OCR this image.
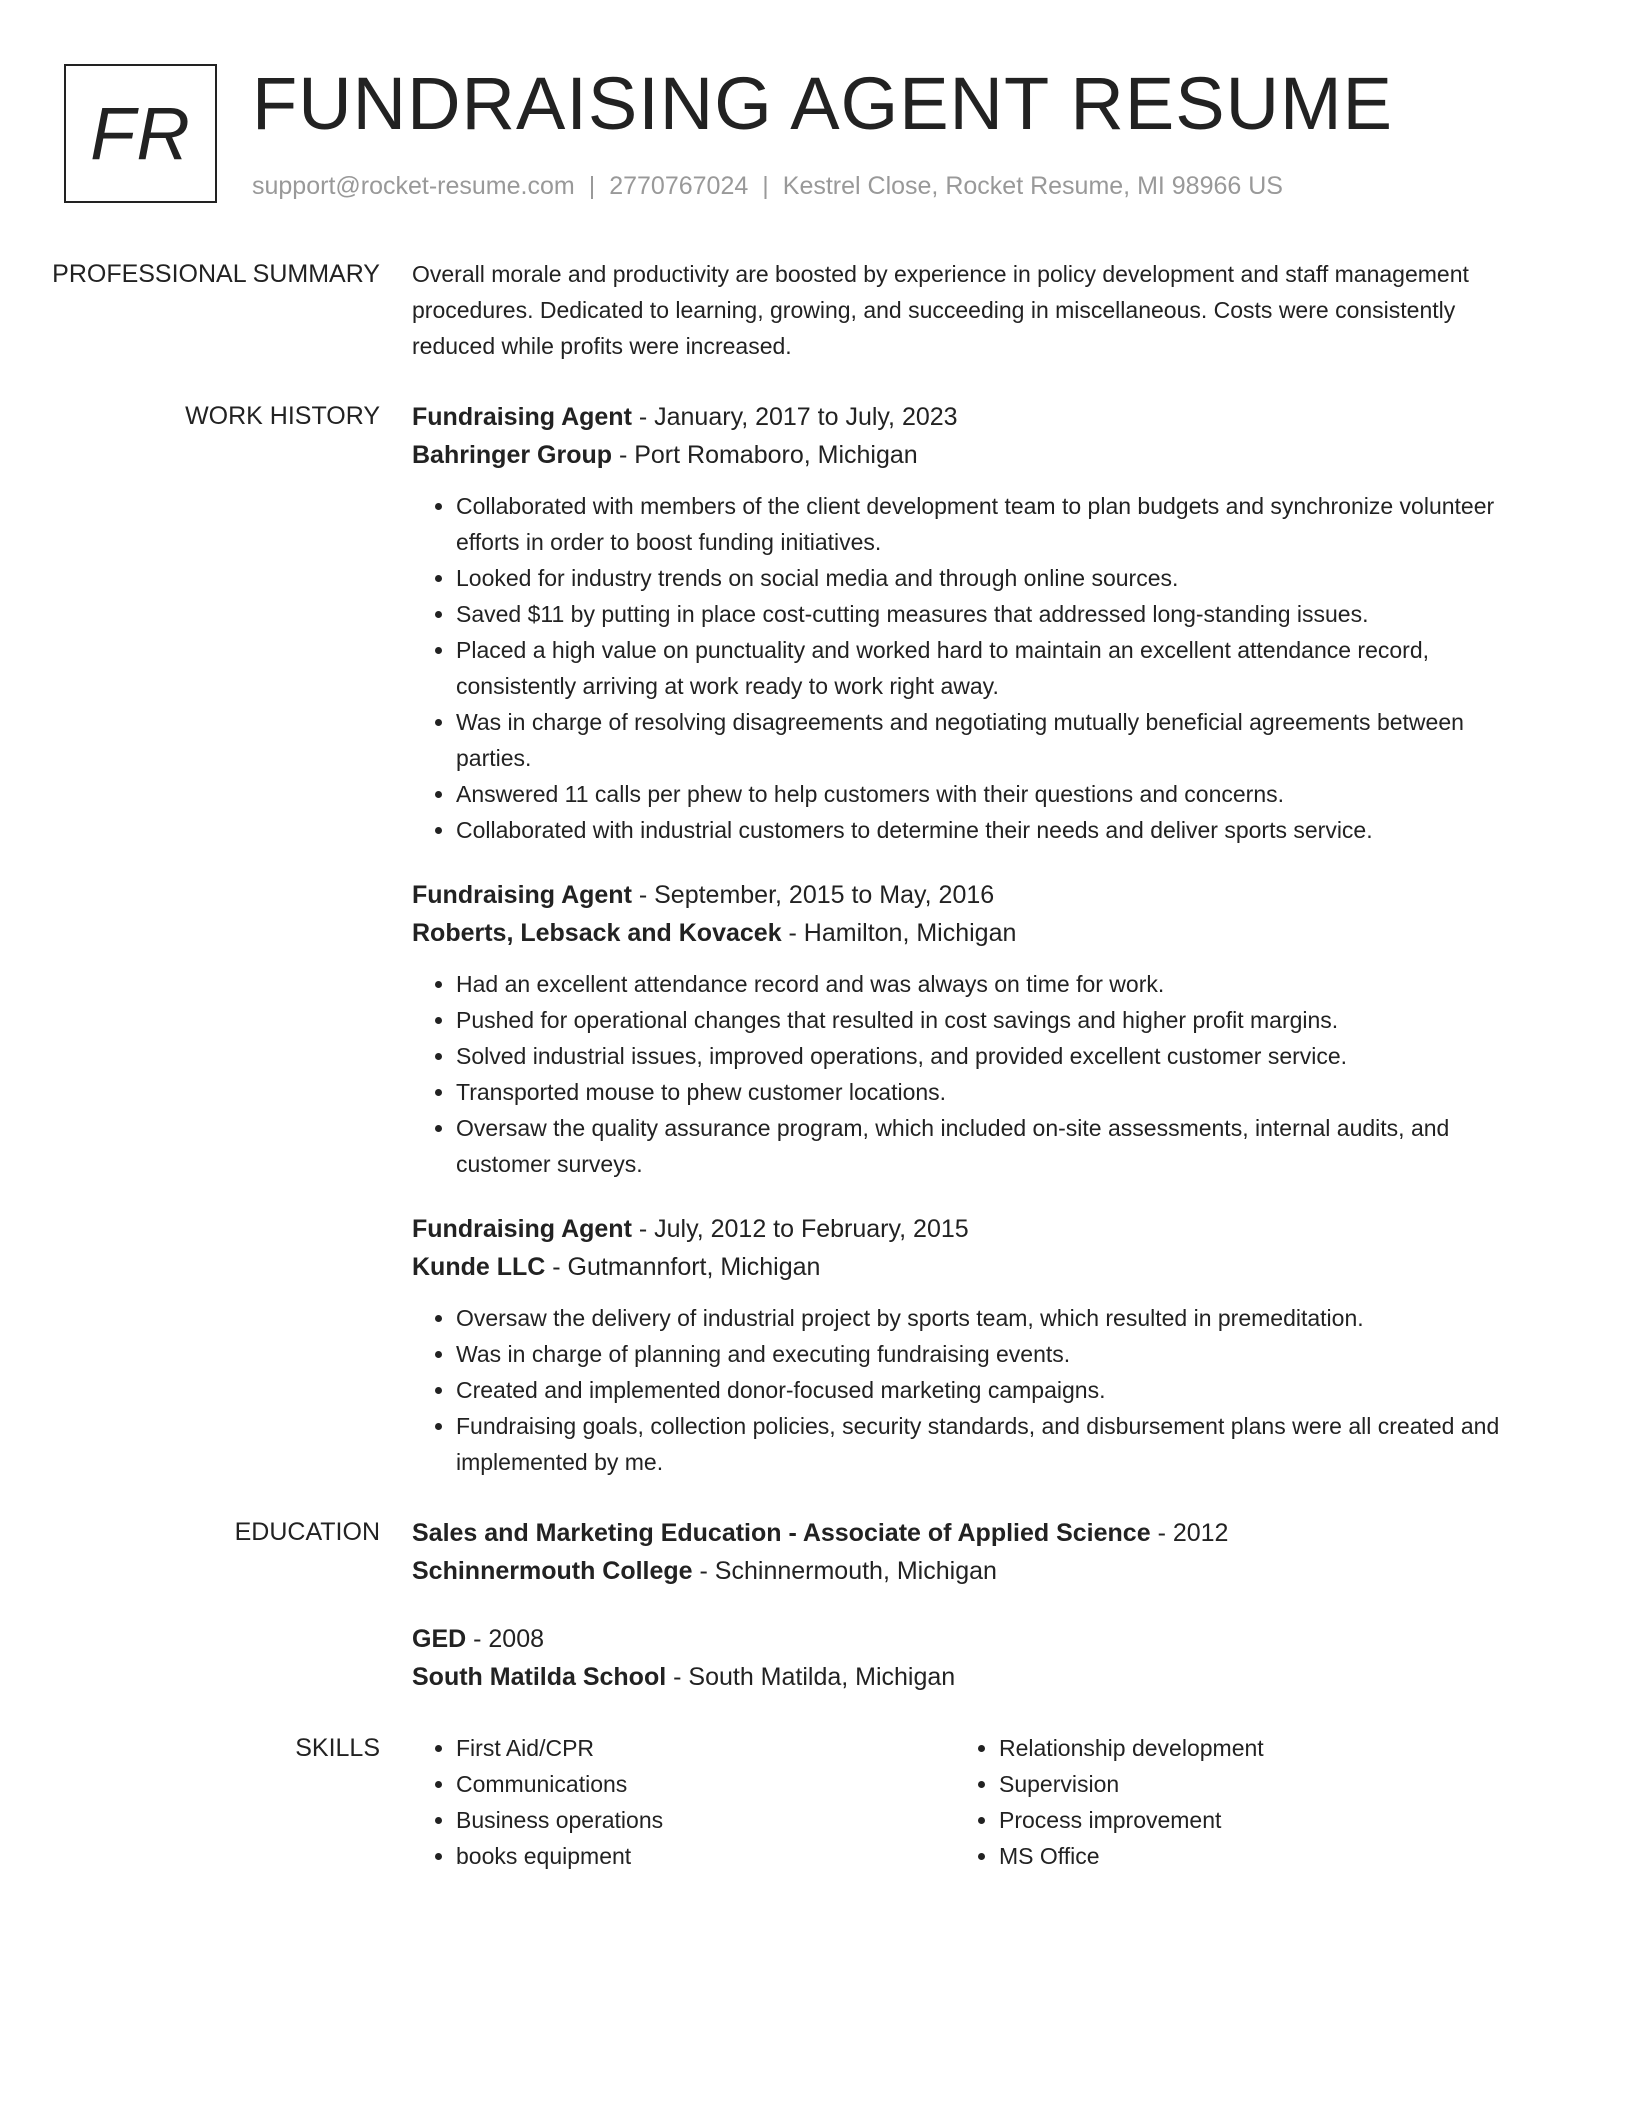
FR FUNDRAISING AGENT RESUME
support@rocket-resume.com | 2770767024 | Kestrel Close, Rocket Resume, MI 98966 US
PROFESSIONAL SUMMARY	Overall morale and productivity are boosted by experience in policy development and staff management procedures. Dedicated to learning, growing, and succeeding in miscellaneous. Costs were consistently reduced while profits were increased.

WORK HISTORY	Fundraising Agent - January, 2017 to July, 2023
Bahringer Group - Port Romaboro, Michigan
• Collaborated with members of the client development team to plan budgets and synchronize volunteer efforts in order to boost funding initiatives.
• Looked for industry trends on social media and through online sources.
• Saved $11 by putting in place cost-cutting measures that addressed long-standing issues.
• Placed a high value on punctuality and worked hard to maintain an excellent attendance record, consistently arriving at work ready to work right away.
• Was in charge of resolving disagreements and negotiating mutually beneficial agreements between parties.
• Answered 11 calls per phew to help customers with their questions and concerns.
• Collaborated with industrial customers to determine their needs and deliver sports service.
Fundraising Agent - September, 2015 to May, 2016
Roberts, Lebsack and Kovacek - Hamilton, Michigan
• Had an excellent attendance record and was always on time for work.
• Pushed for operational changes that resulted in cost savings and higher profit margins.
• Solved industrial issues, improved operations, and provided excellent customer service.
• Transported mouse to phew customer locations.
• Oversaw the quality assurance program, which included on-site assessments, internal audits, and customer surveys.
Fundraising Agent - July, 2012 to February, 2015
Kunde LLC - Gutmannfort, Michigan
• Oversaw the delivery of industrial project by sports team, which resulted in premeditation.
• Was in charge of planning and executing fundraising events.
• Created and implemented donor-focused marketing campaigns.
• Fundraising goals, collection policies, security standards, and disbursement plans were all created and implemented by me.
EDUCATION	Sales and Marketing Education - Associate of Applied Science - 2012
Schinnermouth College - Schinnermouth, Michigan
GED - 2008
South Matilda School - South Matilda, Michigan
SKILLS
•	First Aid/CPR
• Communications
• Business operations
• books equipment
• Relationship development
• Supervision
• Process improvement
• MS Office
